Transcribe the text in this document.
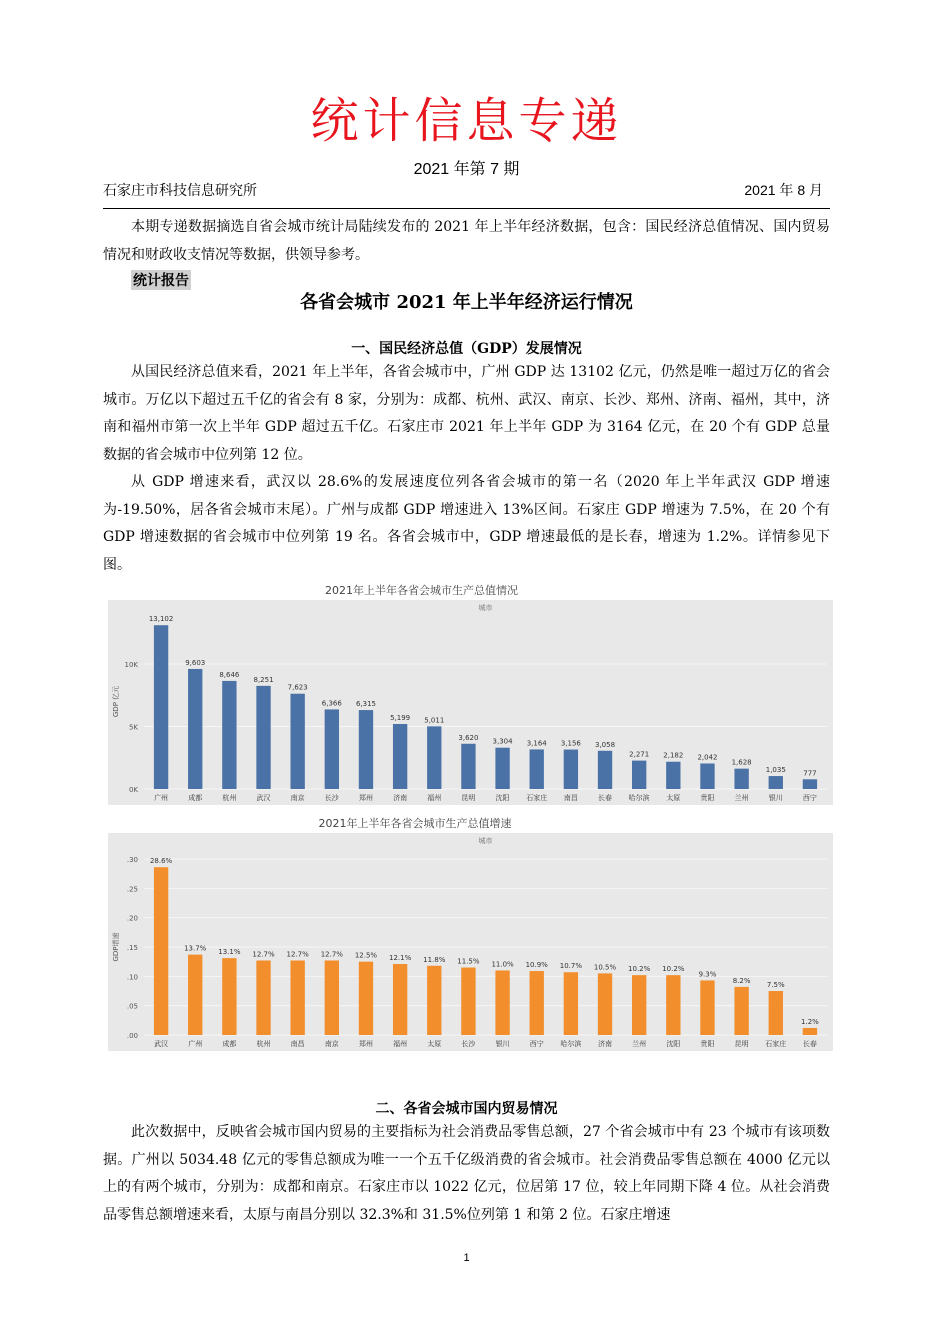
统计信息专递
2021 年第 7 期
石家庄市科技信息研究所	2021 年 8 月
本期专递数据摘选自省会城市统计局陆续发布的 2021 年上半年经济数据，包含：国民经济总值情况、国内贸易情况和财政收支情况等数据，供领导参考。
统计报告
各省会城市 2021 年上半年经济运行情况
一、国民经济总值（GDP）发展情况
从国民经济总值来看，2021 年上半年，各省会城市中，广州 GDP 达 13102 亿元，仍然是唯一超过万亿的省会城市。万亿以下超过五千亿的省会有 8 家，分别为：成都、杭州、武汉、南京、长沙、郑州、济南、福州，其中，济南和福州市第一次上半年 GDP 超过五千亿。石家庄市 2021 年上半年 GDP 为 3164 亿元，在 20 个有 GDP 总量数据的省会城市中位列第 12 位。
从 GDP 增速来看，武汉以 28.6%的发展速度位列各省会城市的第一名（2020 年上半年武汉 GDP 增速为-19.50%，居各省会城市末尾）。广州与成都 GDP 增速进入 13%区间。石家庄 GDP 增速为 7.5%，在 20 个有 GDP 增速数据的省会城市中位列第 19 名。各省会城市中，GDP 增速最低的是长春，增速为 1.2%。详情参见下图。
2021年上半年各省会城市生产总值情况
城市
GDP 亿元
0K
5K
10K
13,102
广州
9,603
成都
8,646
杭州
8,251
武汉
7,623
南京
6,366
长沙
6,315
郑州
5,199
济南
5,011
福州
3,620
昆明
3,304
沈阳
3,164
石家庄
3,156
南昌
3,058
长春
2,271
哈尔滨
2,182
太原
2,042
贵阳
1,628
兰州
1,035
银川
777
西宁
2021年上半年各省会城市生产总值增速
城市
GDP增速
.00
.05
.10
.15
.20
.25
.30 28.6%
武汉
13.7%
广州
13.1%
成都
12.7%
杭州
12.7%
南昌
12.7%
南京
12.5%
郑州
12.1%
福州
11.8%
太原
11.5%
长沙
11.0%
银川
10.9%
西宁
10.7%
哈尔滨
10.5%
济南
10.2%
兰州
10.2%
沈阳
9.3%
贵阳
8.2%
昆明
7.5%
石家庄
1.2%
长春
二、各省会城市国内贸易情况
此次数据中，反映省会城市国内贸易的主要指标为社会消费品零售总额，27 个省会城市中有 23 个城市有该项数据。广州以 5034.48 亿元的零售总额成为唯一一个五千亿级消费的省会城市。社会消费品零售总额在 4000 亿元以上的有两个城市，分别为：成都和南京。石家庄市以 1022 亿元，位居第 17 位，较上年同期下降 4 位。从社会消费品零售总额增速来看，太原与南昌分别以 32.3%和 31.5%位列第 1 和第 2 位。石家庄增速
1
